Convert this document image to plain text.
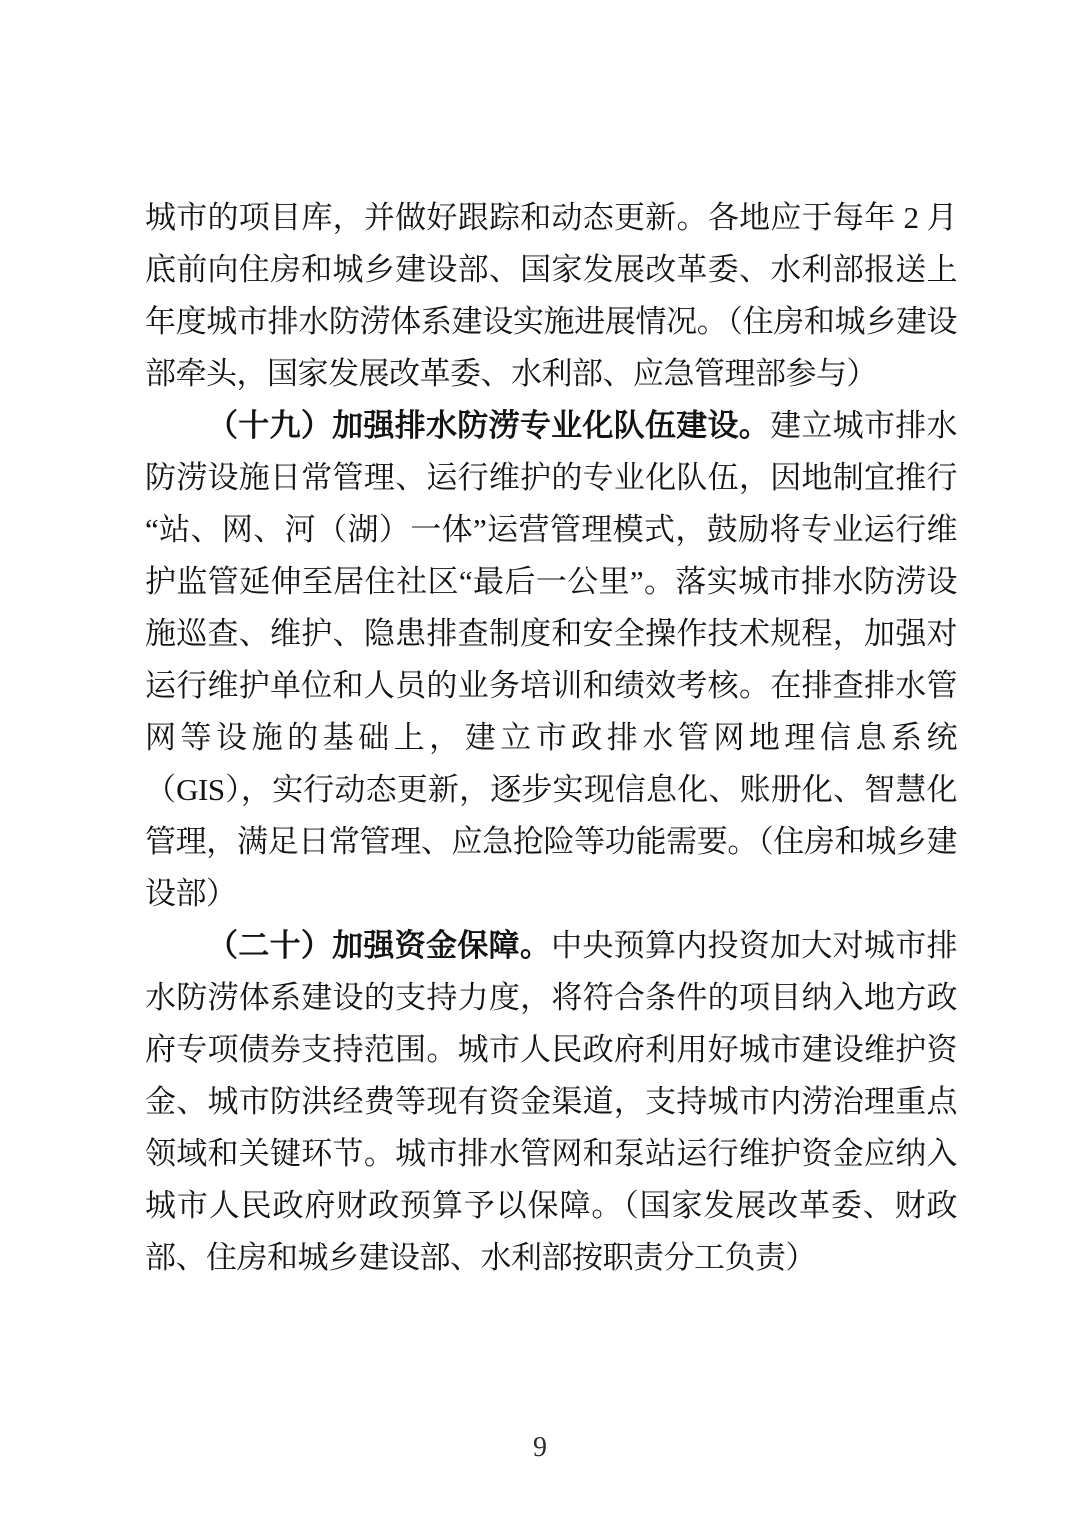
城市的项目库，并做好跟踪和动态更新。各地应于每年 2 月底前向住房和城乡建设部、国家发展改革委、水利部报送上年度城市排水防涝体系建设实施进展情况。（住房和城乡建设部牵头，国家发展改革委、水利部、应急管理部参与）

（十九）加强排水防涝专业化队伍建设。建立城市排水防涝设施日常管理、运行维护的专业化队伍，因地制宜推行“站、网、河（湖）一体”运营管理模式，鼓励将专业运行维护监管延伸至居住社区“最后一公里”。落实城市排水防涝设施巡查、维护、隐患排查制度和安全操作技术规程，加强对运行维护单位和人员的业务培训和绩效考核。在排查排水管网等设施的基础上，建立市政排水管网地理信息系统（GIS），实行动态更新，逐步实现信息化、账册化、智慧化管理，满足日常管理、应急抢险等功能需要。（住房和城乡建设部）

（二十）加强资金保障。中央预算内投资加大对城市排水防涝体系建设的支持力度，将符合条件的项目纳入地方政府专项债券支持范围。城市人民政府利用好城市建设维护资金、城市防洪经费等现有资金渠道，支持城市内涝治理重点领域和关键环节。城市排水管网和泵站运行维护资金应纳入城市人民政府财政预算予以保障。（国家发展改革委、财政部、住房和城乡建设部、水利部按职责分工负责）

9
